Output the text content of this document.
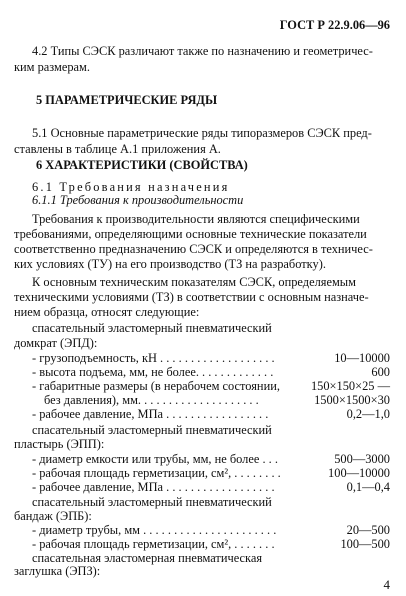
ГОСТ Р 22.9.06—96
4.2 Типы СЭСК различают также по назначению и геометричес-
ким размерам.
5 ПАРАМЕТРИЧЕСКИЕ РЯДЫ
5.1 Основные параметрические ряды типоразмеров СЭСК пред-
ставлены в таблице А.1 приложения А.
6 ХАРАКТЕРИСТИКИ (СВОЙСТВА)
6.1 Требования назначения
6.1.1 Требования к производительности
Требования к производительности являются специфическими
требованиями, определяющими основные технические показатели
соответственно предназначению СЭСК и определяются в техничес-
ких условиях (ТУ) на его производство (ТЗ на разработку).
К основным техническим показателям СЭСК, определяемым
техническими условиями (ТЗ) в соответствии с основным назначе-
нием образца, относят следующие:
спасательный эластомерный пневматический
домкрат (ЭПД):
- грузоподъемность, кН . . . . . . . . . . . . . . . . . . .	10—10000
- высота подъема, мм, не более. . . . . . . . . . . . .	600
- габаритные размеры (в нерабочем состоянии,	150×150×25 —
без давления), мм. . . . . . . . . . . . . . . . . . . .	1500×1500×30
- рабочее давление, МПа . . . . . . . . . . . . . . . . .	0,2—1,0
спасательный эластомерный пневматический
пластырь (ЭПП):
- диаметр емкости или трубы, мм, не более . . .	500—3000
- рабочая площадь герметизации, см², . . . . . . . .	100—10000
- рабочее давление, МПа . . . . . . . . . . . . . . . . . .	0,1—0,4
спасательный эластомерный пневматический
бандаж (ЭПБ):
- диаметр трубы, мм . . . . . . . . . . . . . . . . . . . . . .	20—500
- рабочая площадь герметизации, см², . . . . . . .	100—500
спасательная эластомерная пневматическая
заглушка (ЭПЗ):
4
